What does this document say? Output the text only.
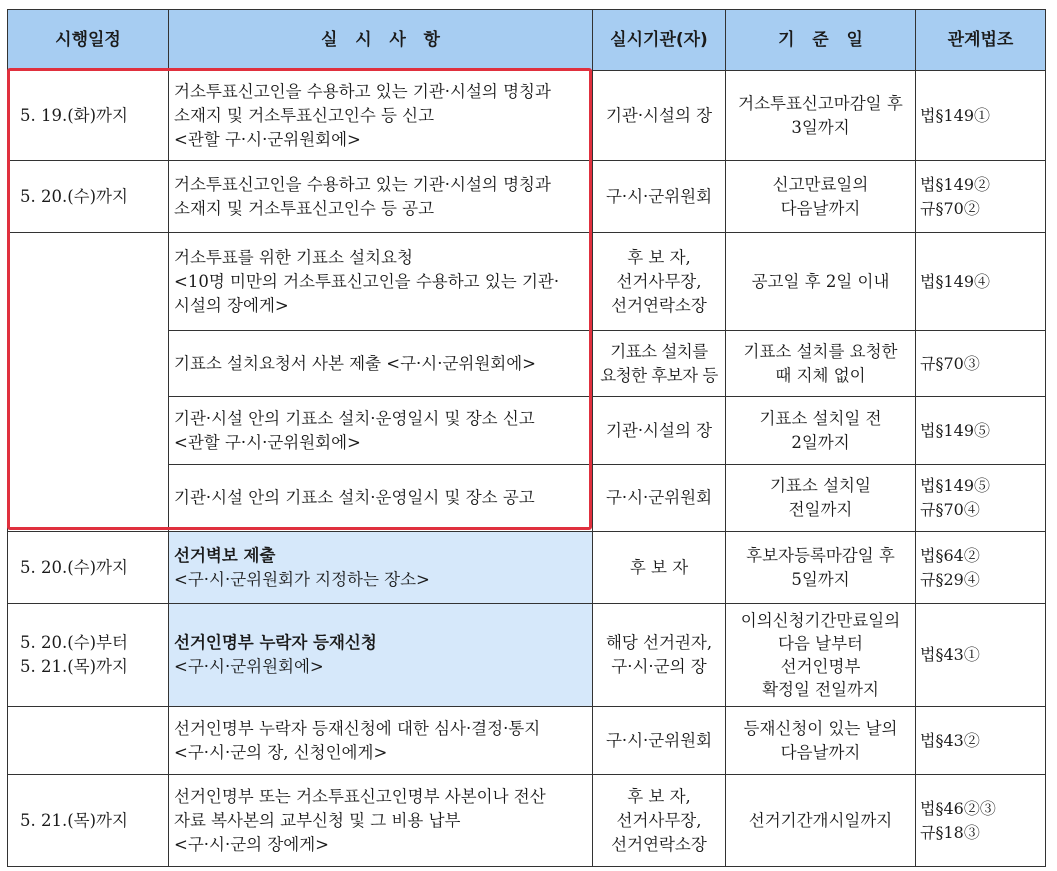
시행일정	실   시   사   항	실시기관(자)	기   준   일	관계법조

5. 19.(화)까지	거소투표신고인을 수용하고 있는 기관·시설의 명칭과
소재지 및 거소투표신고인수 등 신고
<관할 구·시·군위원회에>	기관·시설의 장	거소투표신고마감일 후
3일까지	법§149①

5. 20.(수)까지	거소투표신고인을 수용하고 있는 기관·시설의 명칭과
소재지 및 거소투표신고인수 등 공고	구·시·군위원회	신고만료일의
다음날까지	법§149②
규§70②

	거소투표를 위한 기표소 설치요청
<10명 미만의 거소투표신고인을 수용하고 있는 기관·
시설의 장에게>	후 보 자,
선거사무장,
선거연락소장	공고일 후 2일 이내	법§149④

	기표소 설치요청서 사본 제출 <구·시·군위원회에>	기표소 설치를
요청한 후보자 등	기표소 설치를 요청한
때 지체 없이	규§70③

	기관·시설 안의 기표소 설치·운영일시 및 장소 신고
<관할 구·시·군위원회에>	기관·시설의 장	기표소 설치일 전
2일까지	법§149⑤

	기관·시설 안의 기표소 설치·운영일시 및 장소 공고	구·시·군위원회	기표소 설치일
전일까지	법§149⑤
규§70④

5. 20.(수)까지	선거벽보 제출
<구·시·군위원회가 지정하는 장소>	후 보 자	후보자등록마감일 후
5일까지	법§64②
규§29④

5. 20.(수)부터
5. 21.(목)까지	선거인명부 누락자 등재신청
<구·시·군위원회에>	해당 선거권자,
구·시·군의 장	이의신청기간만료일의
다음 날부터
선거인명부
확정일 전일까지	법§43①

	선거인명부 누락자 등재신청에 대한 심사·결정·통지
<구·시·군의 장, 신청인에게>	구·시·군위원회	등재신청이 있는 날의
다음날까지	법§43②

5. 21.(목)까지	선거인명부 또는 거소투표신고인명부 사본이나 전산
자료 복사본의 교부신청 및 그 비용 납부
<구·시·군의 장에게>	후 보 자,
선거사무장,
선거연락소장	선거기간개시일까지	법§46②③
규§18③
